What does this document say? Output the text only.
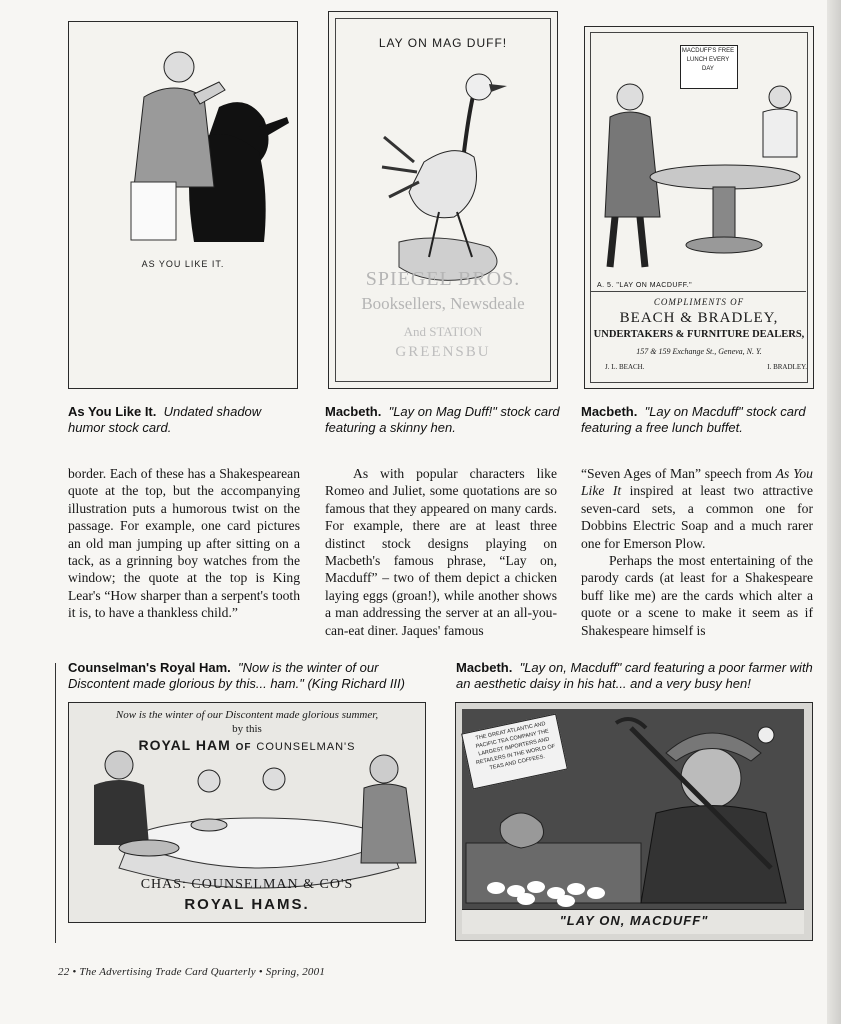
AS YOU LIKE IT.
LAY ON MAG DUFF!
SPIEGEL BROS.
Booksellers, Newsdeale
And STATION
GREENSBU
MACDUFF'S FREE LUNCH EVERY DAY
A. 5. "LAY ON MACDUFF."
COMPLIMENTS OF
BEACH & BRADLEY,
UNDERTAKERS & FURNITURE DEALERS,
157 & 159 Exchange St., Geneva, N. Y.
J. L. BEACH.	I. BRADLEY.
As You Like It. Undated shadow humor stock card.
Macbeth. "Lay on Mag Duff!" stock card featuring a skinny hen.
Macbeth. "Lay on Macduff" stock card featuring a free lunch buffet.

border. Each of these has a Shakespearean quote at the top, but the accompanying illustration puts a humorous twist on the passage. For example, one card pictures an old man jumping up after sitting on a tack, as a grinning boy watches from the window; the quote at the top is King Lear's “How sharper than a serpent's tooth it is, to have a thankless child.”

As with popular characters like Romeo and Juliet, some quotations are so famous that they appeared on many cards. For example, there are at least three distinct stock designs playing on Macbeth's famous phrase, “Lay on, Macduff” – two of them depict a chicken laying eggs (groan!), while another shows a man addressing the server at an all-you-can-eat diner. Jaques' famous

“Seven Ages of Man” speech from As You Like It inspired at least two attractive seven-card sets, a common one for Dobbins Electric Soap and a much rarer one for Emerson Plow.

Perhaps the most entertaining of the parody cards (at least for a Shakespeare buff like me) are the cards which alter a quote or a scene to make it seem as if Shakespeare himself is

Counselman's Royal Ham. "Now is the winter of our Discontent made glorious by this... ham." (King Richard III)
Macbeth. "Lay on, Macduff" card featuring a poor farmer with an aesthetic daisy in his hat... and a very busy hen!
Now is the winter of our Discontent made glorious summer,
by this
ROYAL HAM OF COUNSELMAN'S
CHAS: COUNSELMAN & CO'S
ROYAL HAMS.
THE GREAT ATLANTIC AND PACIFIC TEA COMPANY THE LARGEST IMPORTERS AND RETAILERS IN THE WORLD OF TEAS AND COFFEES.
"LAY ON, MACDUFF"
22 • The Advertising Trade Card Quarterly • Spring, 2001
